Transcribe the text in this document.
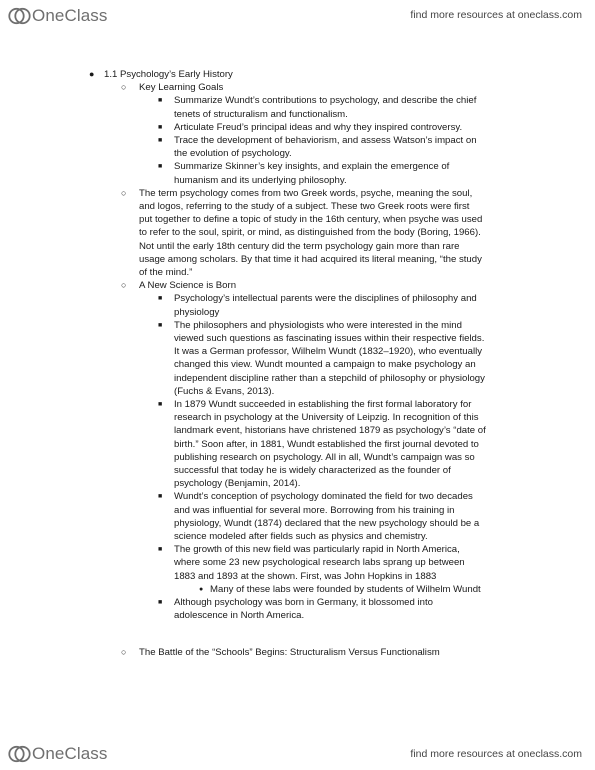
OneClass	find more resources at oneclass.com
● 1.1 Psychology’s Early History
○ Key Learning Goals
■ Summarize Wundt’s contributions to psychology, and describe the chief
tenets of structuralism and functionalism.
■ Articulate Freud’s principal ideas and why they inspired controversy.
■ Trace the development of behaviorism, and assess Watson’s impact on
the evolution of psychology.
■ Summarize Skinner’s key insights, and explain the emergence of
humanism and its underlying philosophy.
○ The term psychology comes from two Greek words, psyche, meaning the soul,
and logos, referring to the study of a subject. These two Greek roots were first
put together to define a topic of study in the 16th century, when psyche was used
to refer to the soul, spirit, or mind, as distinguished from the body (Boring, 1966).
Not until the early 18th century did the term psychology gain more than rare
usage among scholars. By that time it had acquired its literal meaning, “the study
of the mind.”
○ A New Science is Born
■ Psychology’s intellectual parents were the disciplines of philosophy and
physiology
■ The philosophers and physiologists who were interested in the mind
viewed such questions as fascinating issues within their respective fields.
It was a German professor, Wilhelm Wundt (1832–1920), who eventually
changed this view. Wundt mounted a campaign to make psychology an
independent discipline rather than a stepchild of philosophy or physiology
(Fuchs & Evans, 2013).
■ In 1879 Wundt succeeded in establishing the first formal laboratory for
research in psychology at the University of Leipzig. In recognition of this
landmark event, historians have christened 1879 as psychology’s “date of
birth.” Soon after, in 1881, Wundt established the first journal devoted to
publishing research on psychology. All in all, Wundt’s campaign was so
successful that today he is widely characterized as the founder of
psychology (Benjamin, 2014).
■ Wundt’s conception of psychology dominated the field for two decades
and was influential for several more. Borrowing from his training in
physiology, Wundt (1874) declared that the new psychology should be a
science modeled after fields such as physics and chemistry.
■ The growth of this new field was particularly rapid in North America,
where some 23 new psychological research labs sprang up between
1883 and 1893 at the shown. First, was John Hopkins in 1883
● Many of these labs were founded by students of Wilhelm Wundt
■ Although psychology was born in Germany, it blossomed into
adolescence in North America.
○ The Battle of the “Schools” Begins: Structuralism Versus Functionalism
OneClass	find more resources at oneclass.com
